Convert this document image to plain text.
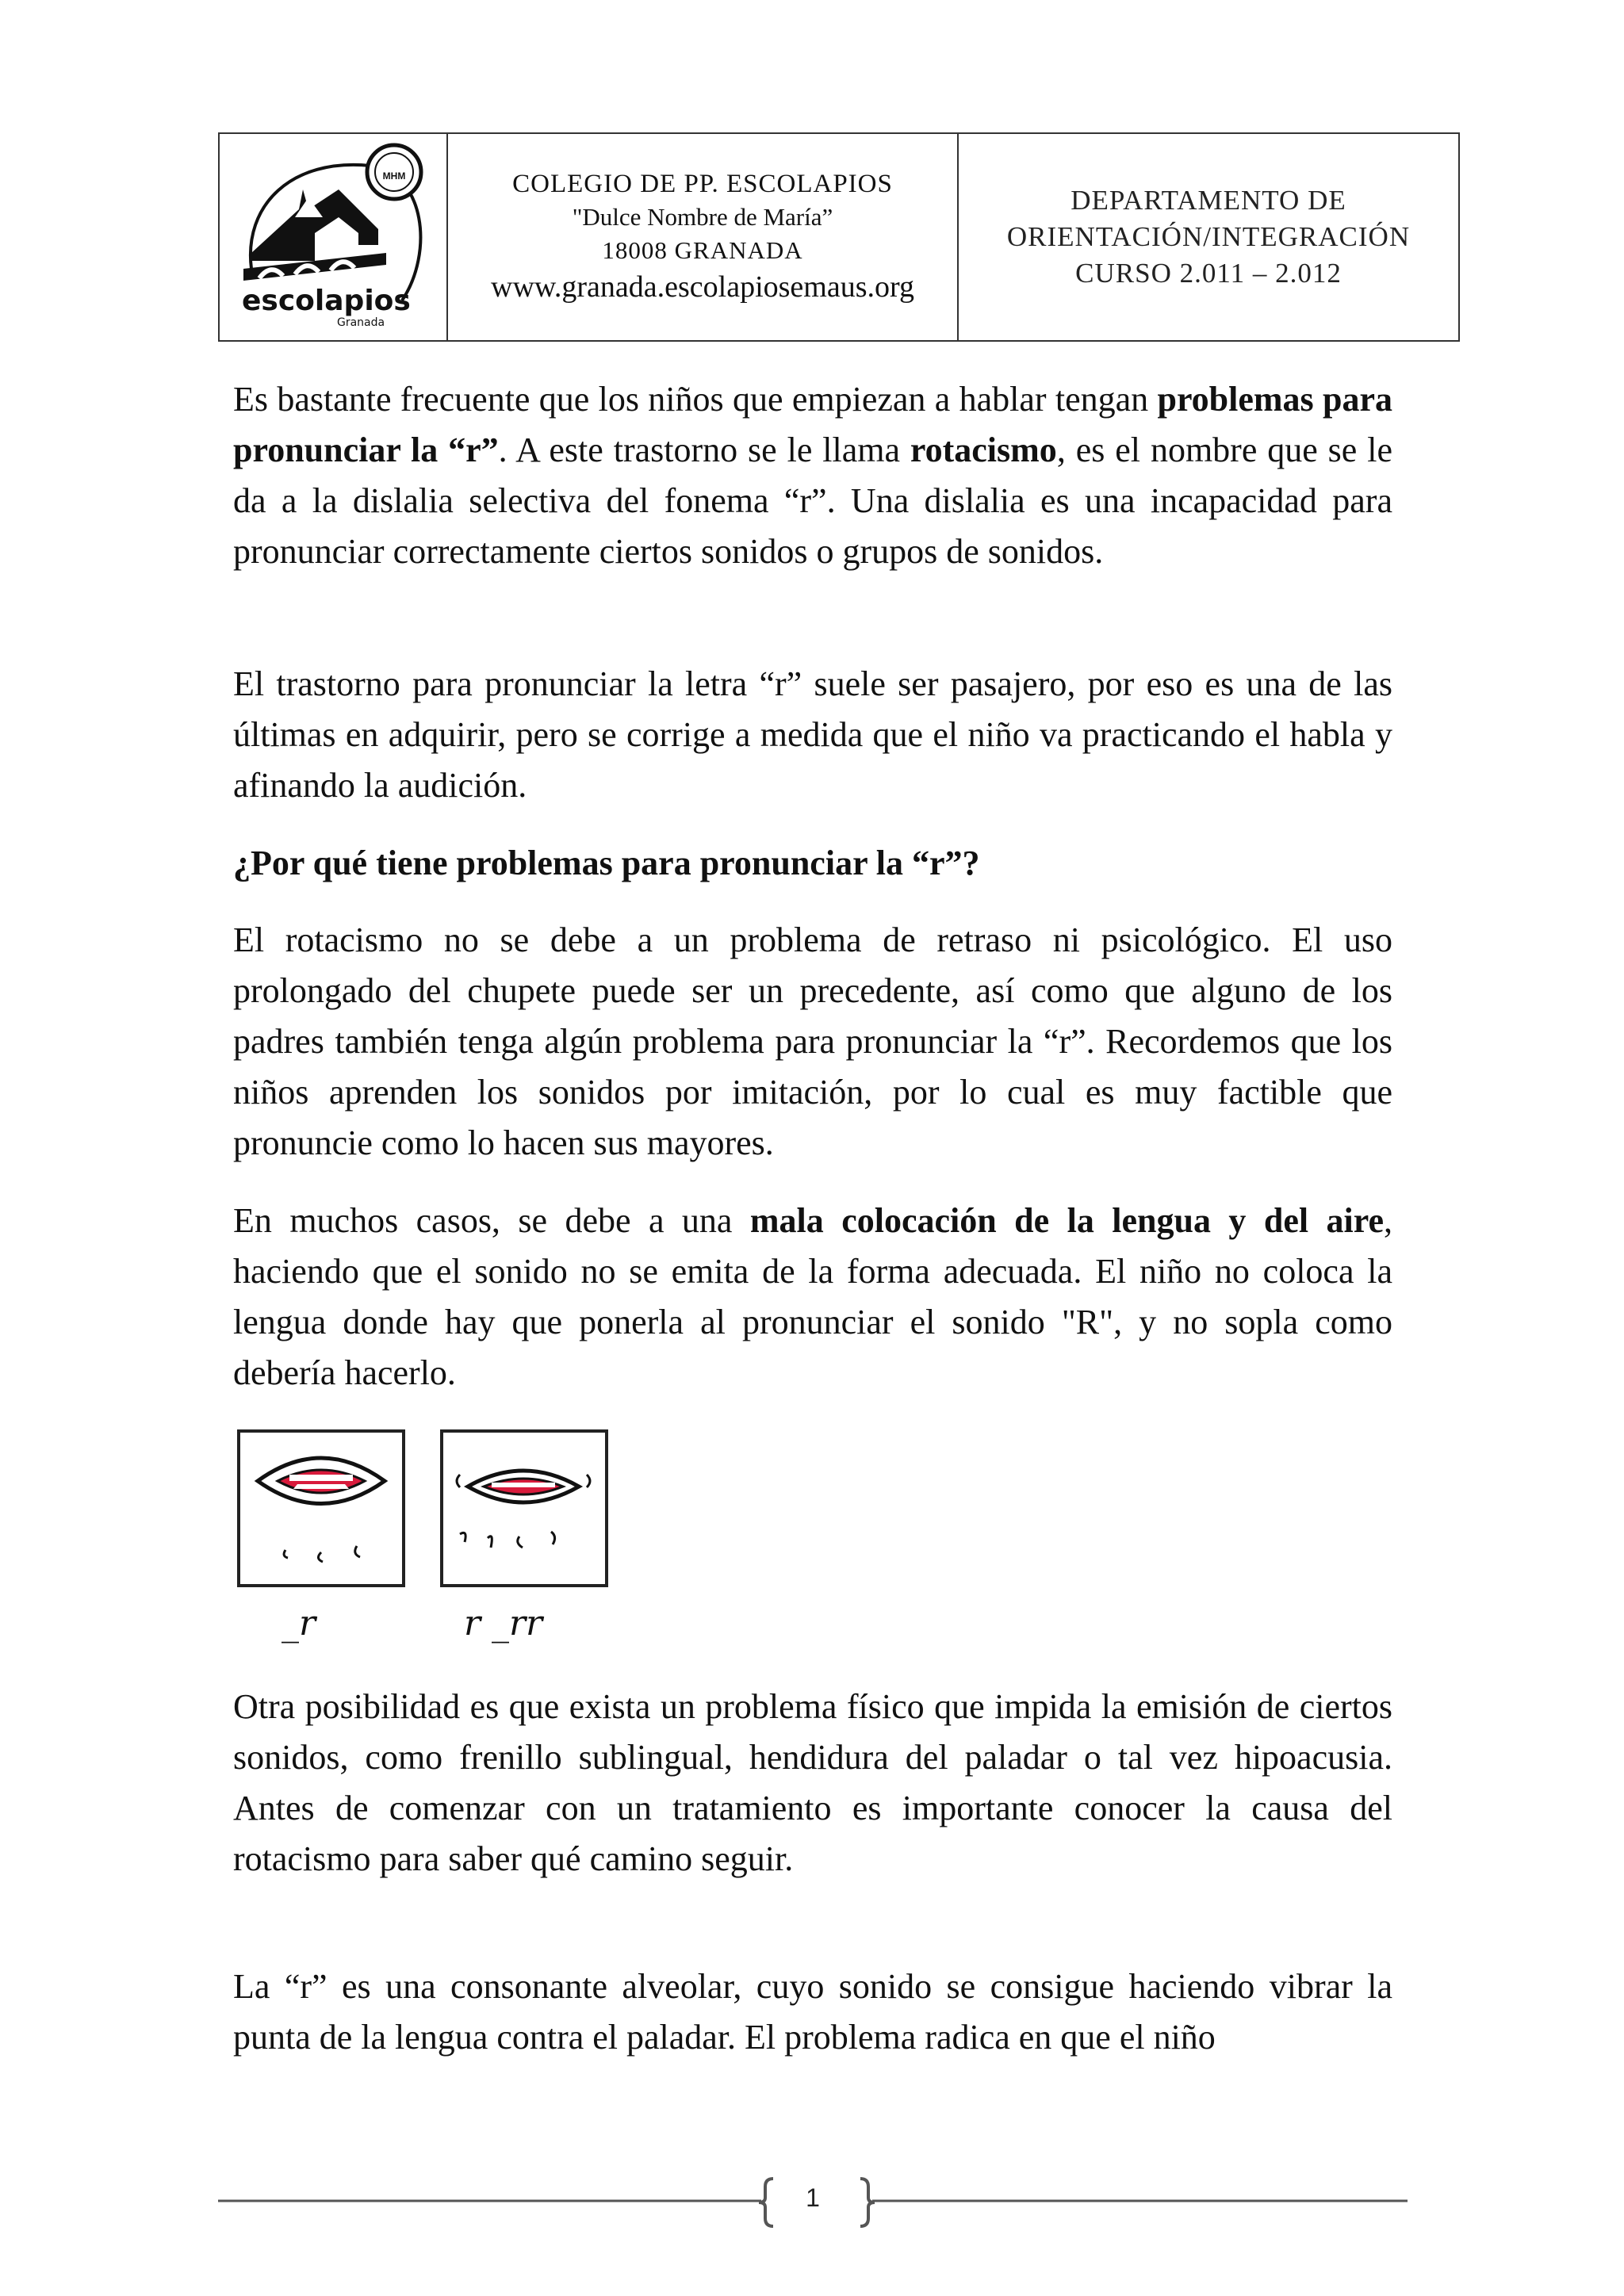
MHM
escolapios
Granada
COLEGIO DE PP. ESCOLAPIOS
"Dulce Nombre de María”
18008 GRANADA
www.granada.escolapiosemaus.org
DEPARTAMENTO DE
ORIENTACIÓN/INTEGRACIÓN
CURSO 2.011 – 2.012

Es bastante frecuente que los niños que empiezan a hablar tengan problemas para pronunciar la “r”. A este trastorno se le llama rotacismo, es el nombre que se le da a la dislalia selectiva del fonema “r”. Una dislalia es una incapacidad para pronunciar correctamente ciertos sonidos o grupos de sonidos.

El trastorno para pronunciar la letra “r” suele ser pasajero, por eso es una de las últimas en adquirir, pero se corrige a medida que el niño va practicando el habla y afinando la audición.

¿Por qué tiene problemas para pronunciar la “r”?

El rotacismo no se debe a un problema de retraso ni psicológico. El uso prolongado del chupete puede ser un precedente, así como que alguno de los padres también tenga algún problema para pronunciar la “r”. Recordemos que los niños aprenden los sonidos por imitación, por lo cual es muy factible que pronuncie como lo hacen sus mayores.

En muchos casos, se debe a una mala colocación de la lengua y del aire, haciendo que el sonido no se emita de la forma adecuada. El niño no coloca la lengua donde hay que ponerla al pronunciar el sonido "R", y no sopla como debería hacerlo.

_r	r _rr

Otra posibilidad es que exista un problema físico que impida la emisión de ciertos sonidos, como frenillo sublingual, hendidura del paladar o tal vez hipoacusia. Antes de comenzar con un tratamiento es importante conocer la causa del rotacismo para saber qué camino seguir.

La “r” es una consonante alveolar, cuyo sonido se consigue haciendo vibrar la punta de la lengua contra el paladar. El problema radica en que el niño

1
